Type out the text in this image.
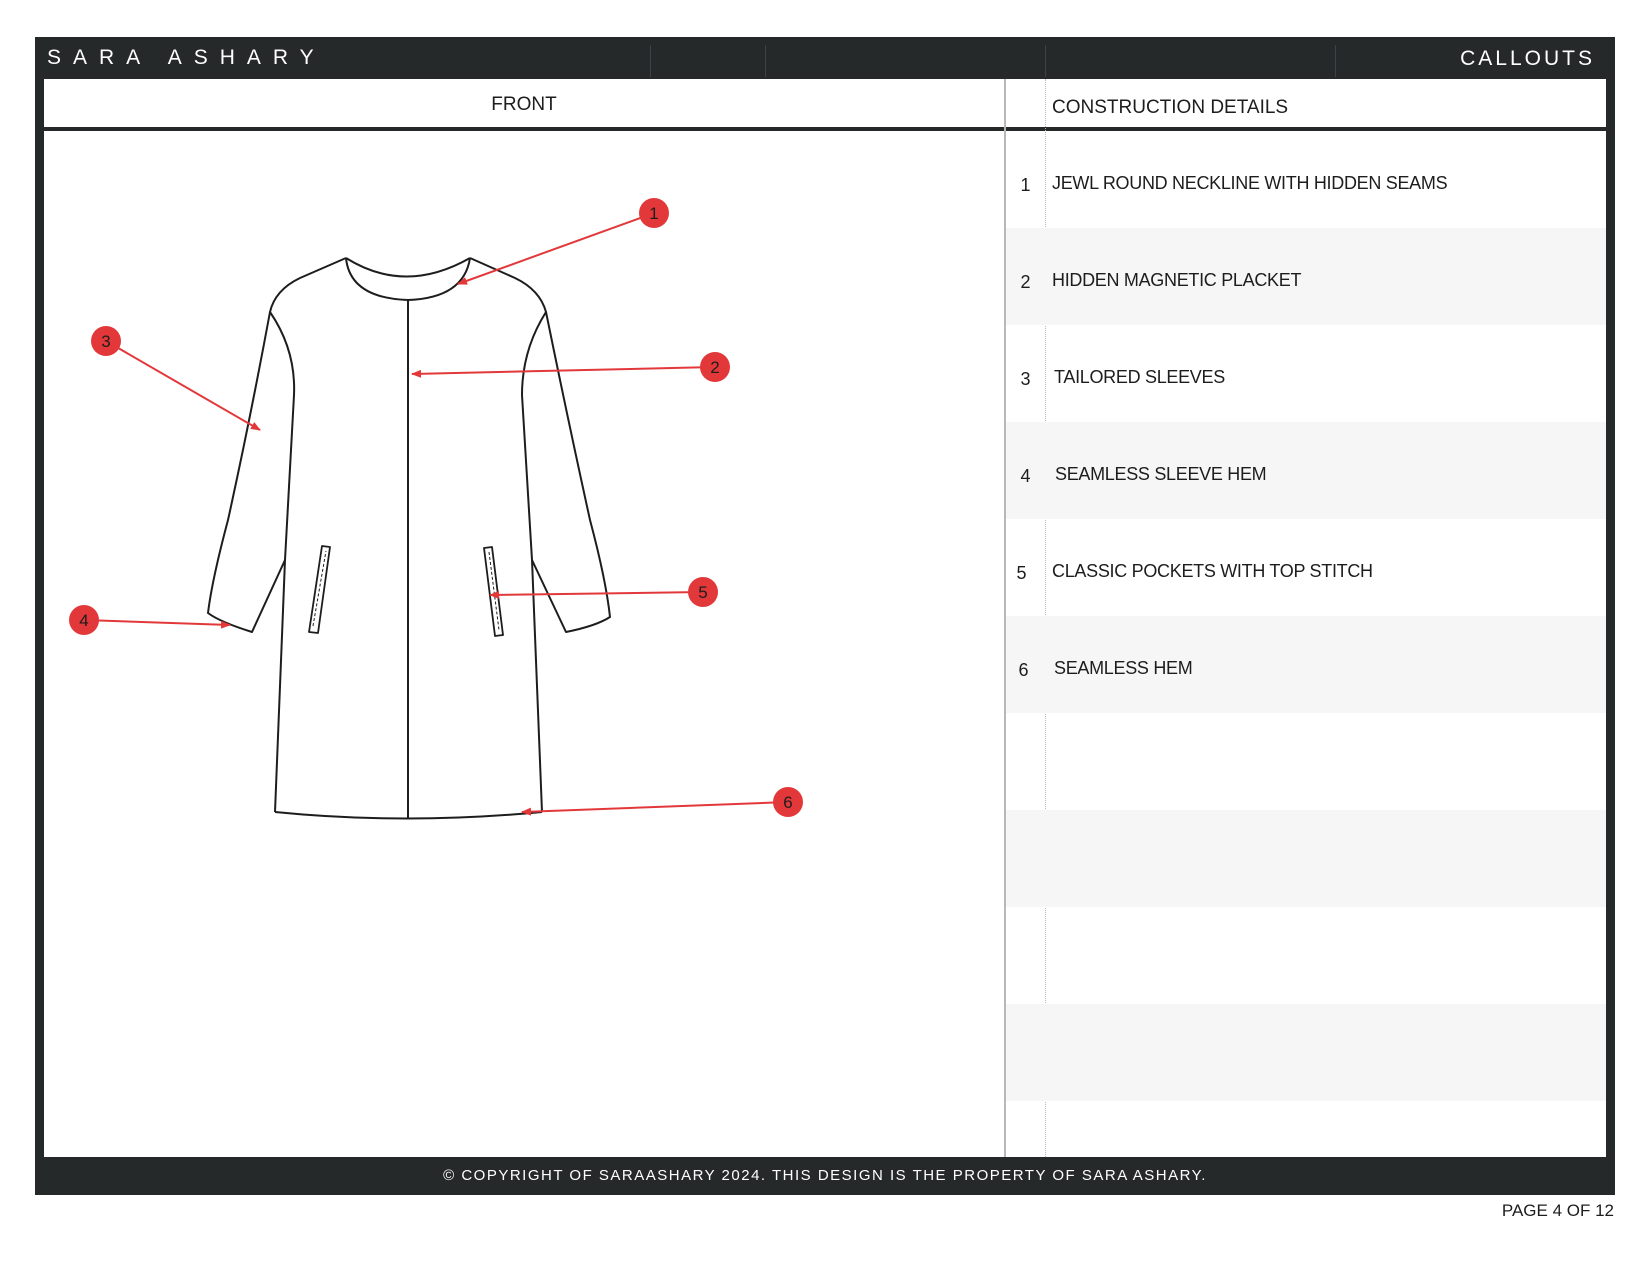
SARA ASHARY	CALLOUTS
FRONT	CONSTRUCTION DETAILS
1	JEWL ROUND NECKLINE WITH HIDDEN SEAMS
2	HIDDEN MAGNETIC PLACKET
3	TAILORED SLEEVES
4	SEAMLESS SLEEVE HEM
5	CLASSIC POCKETS WITH TOP STITCH
6	SEAMLESS HEM
1
2
3
4
5
6
© COPYRIGHT OF SARAASHARY 2024. THIS DESIGN IS THE PROPERTY OF SARA ASHARY.
PAGE 4 OF 12
